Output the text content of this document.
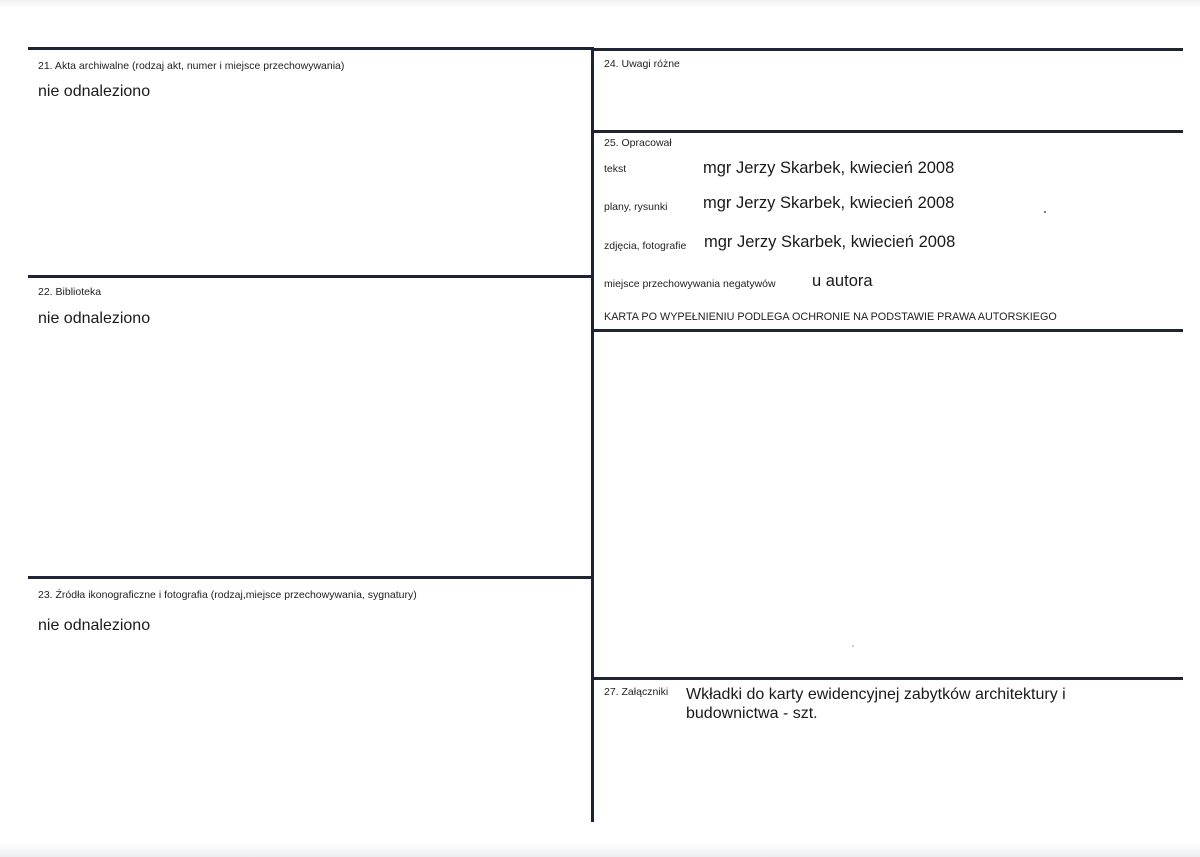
21. Akta archiwalne (rodzaj akt, numer i miejsce przechowywania)
nie odnaleziono
22. Biblioteka
nie odnaleziono
23. Źródła ikonograficzne i fotografia (rodzaj,miejsce przechowywania, sygnatury)
nie odnaleziono
24. Uwagi różne
25. Opracował
tekst	mgr Jerzy Skarbek, kwiecień 2008
plany, rysunki mgr Jerzy Skarbek, kwiecień 2008
zdjęcia, fotografie mgr Jerzy Skarbek, kwiecień 2008
miejsce przechowywania negatywów u autora
KARTA PO WYPEŁNIENIU PODLEGA OCHRONIE NA PODSTAWIE PRAWA AUTORSKIEGO
27. Załączniki Wkładki do karty ewidencyjnej zabytków architektury i
budownictwa - szt.
